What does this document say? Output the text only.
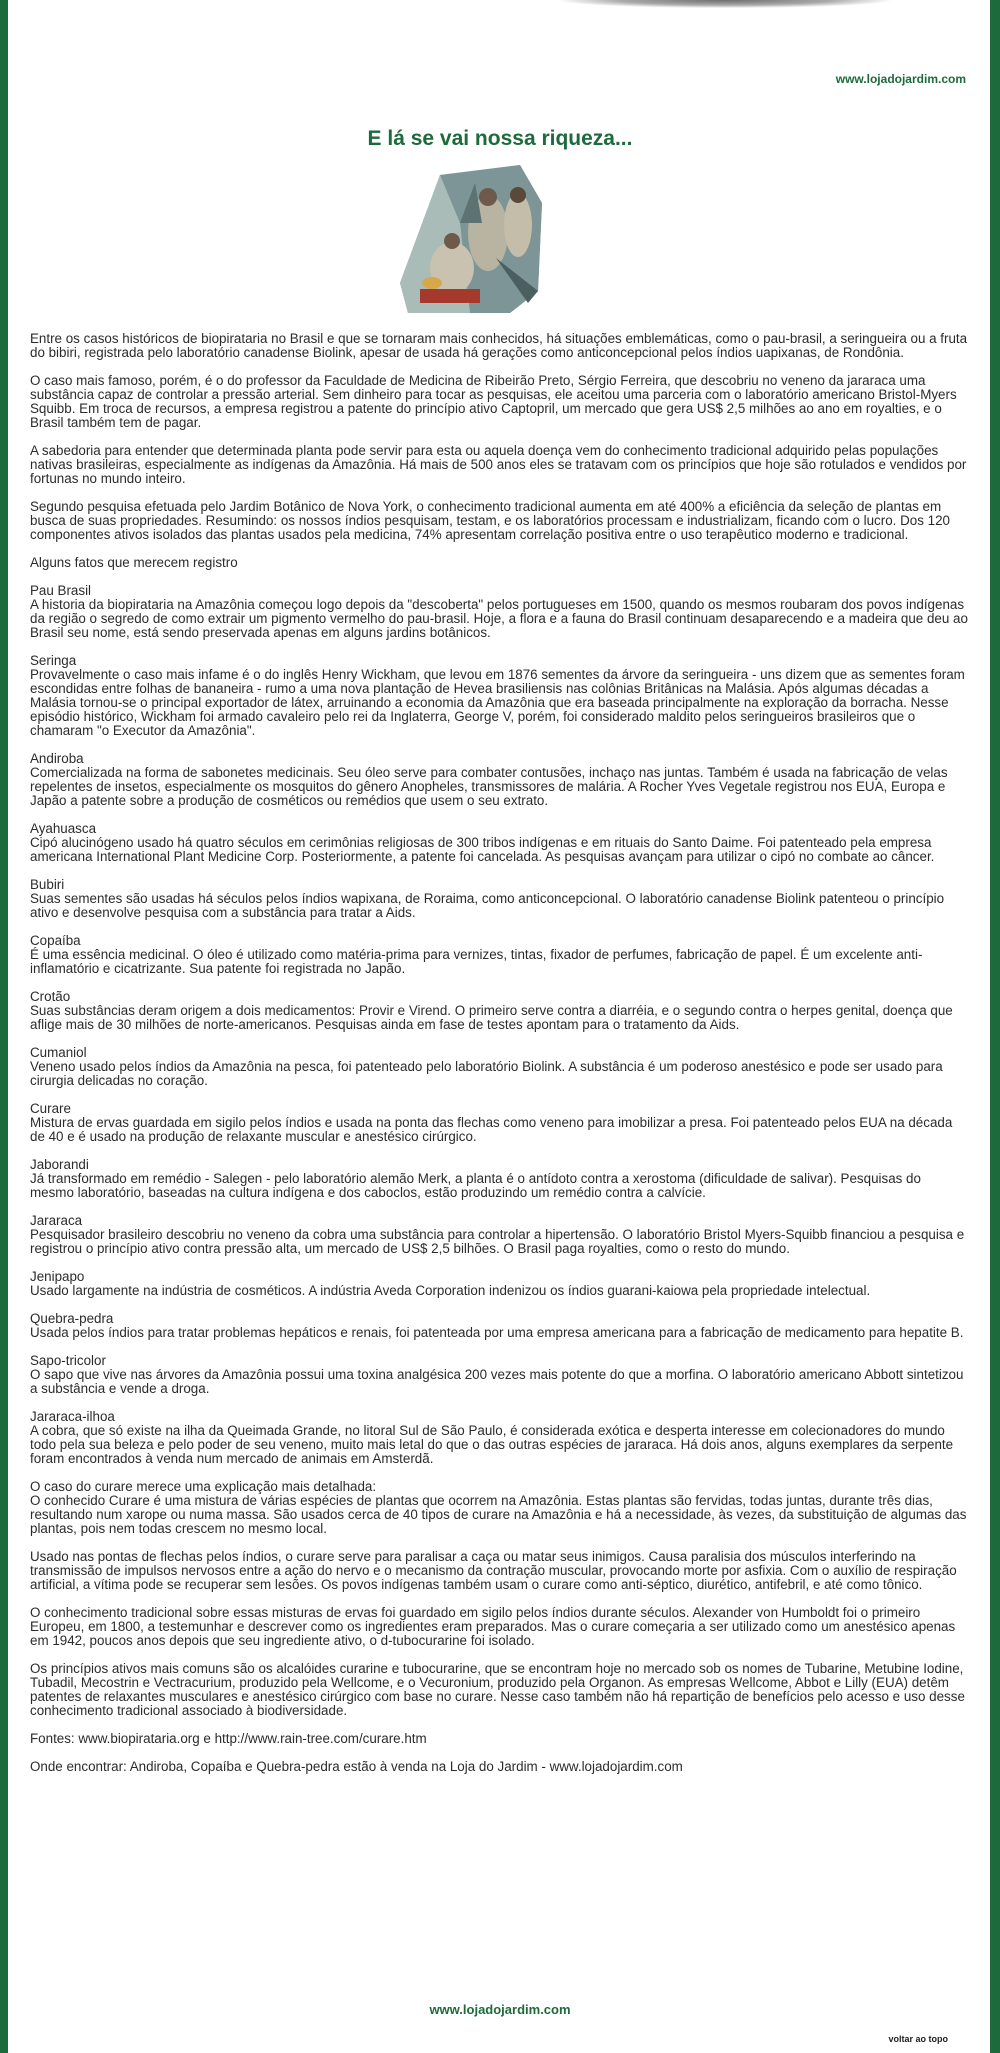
www.lojadojardim.com
E lá se vai nossa riqueza...

Entre os casos históricos de biopirataria no Brasil e que se tornaram mais conhecidos, há situações emblemáticas, como o pau-brasil, a seringueira ou a fruta do bibiri, registrada pelo laboratório canadense Biolink, apesar de usada há gerações como anticoncepcional pelos índios uapixanas, de Rondônia.

O caso mais famoso, porém, é o do professor da Faculdade de Medicina de Ribeirão Preto, Sérgio Ferreira, que descobriu no veneno da jararaca uma substância capaz de controlar a pressão arterial. Sem dinheiro para tocar as pesquisas, ele aceitou uma parceria com o laboratório americano Bristol-Myers Squibb. Em troca de recursos, a empresa registrou a patente do princípio ativo Captopril, um mercado que gera US$ 2,5 milhões ao ano em royalties, e o Brasil também tem de pagar.

A sabedoria para entender que determinada planta pode servir para esta ou aquela doença vem do conhecimento tradicional adquirido pelas populações nativas brasileiras, especialmente as indígenas da Amazônia. Há mais de 500 anos eles se tratavam com os princípios que hoje são rotulados e vendidos por fortunas no mundo inteiro.

Segundo pesquisa efetuada pelo Jardim Botânico de Nova York, o conhecimento tradicional aumenta em até 400% a eficiência da seleção de plantas em busca de suas propriedades. Resumindo: os nossos índios pesquisam, testam, e os laboratórios processam e industrializam, ficando com o lucro. Dos 120 componentes ativos isolados das plantas usados pela medicina, 74% apresentam correlação positiva entre o uso terapêutico moderno e tradicional.

Alguns fatos que merecem registro

Pau Brasil
A historia da biopirataria na Amazônia começou logo depois da "descoberta" pelos portugueses em 1500, quando os mesmos roubaram dos povos indígenas da região o segredo de como extrair um pigmento vermelho do pau-brasil. Hoje, a flora e a fauna do Brasil continuam desaparecendo e a madeira que deu ao Brasil seu nome, está sendo preservada apenas em alguns jardins botânicos.

Seringa
Provavelmente o caso mais infame é o do inglês Henry Wickham, que levou em 1876 sementes da árvore da seringueira - uns dizem que as sementes foram escondidas entre folhas de bananeira - rumo a uma nova plantação de Hevea brasiliensis nas colônias Britânicas na Malásia. Após algumas décadas a Malásia tornou-se o principal exportador de látex, arruinando a economia da Amazônia que era baseada principalmente na exploração da borracha. Nesse episódio histórico, Wickham foi armado cavaleiro pelo rei da Inglaterra, George V, porém, foi considerado maldito pelos seringueiros brasileiros que o chamaram "o Executor da Amazônia".

Andiroba
Comercializada na forma de sabonetes medicinais. Seu óleo serve para combater contusões, inchaço nas juntas. Também é usada na fabricação de velas repelentes de insetos, especialmente os mosquitos do gênero Anopheles, transmissores de malária. A Rocher Yves Vegetale registrou nos EUA, Europa e Japão a patente sobre a produção de cosméticos ou remédios que usem o seu extrato.

Ayahuasca
Cipó alucinógeno usado há quatro séculos em cerimônias religiosas de 300 tribos indígenas e em rituais do Santo Daime. Foi patenteado pela empresa americana International Plant Medicine Corp. Posteriormente, a patente foi cancelada. As pesquisas avançam para utilizar o cipó no combate ao câncer.

Bubiri
Suas sementes são usadas há séculos pelos índios wapixana, de Roraima, como anticoncepcional. O laboratório canadense Biolink patenteou o princípio ativo e desenvolve pesquisa com a substância para tratar a Aids.

Copaíba
É uma essência medicinal. O óleo é utilizado como matéria-prima para vernizes, tintas, fixador de perfumes, fabricação de papel. É um excelente anti-inflamatório e cicatrizante. Sua patente foi registrada no Japão.

Crotão
Suas substâncias deram origem a dois medicamentos: Provir e Virend. O primeiro serve contra a diarréia, e o segundo contra o herpes genital, doença que aflige mais de 30 milhões de norte-americanos. Pesquisas ainda em fase de testes apontam para o tratamento da Aids.

Cumaniol
Veneno usado pelos índios da Amazônia na pesca, foi patenteado pelo laboratório Biolink. A substância é um poderoso anestésico e pode ser usado para cirurgia delicadas no coração.

Curare
Mistura de ervas guardada em sigilo pelos índios e usada na ponta das flechas como veneno para imobilizar a presa. Foi patenteado pelos EUA na década de 40 e é usado na produção de relaxante muscular e anestésico cirúrgico.

Jaborandi
Já transformado em remédio - Salegen - pelo laboratório alemão Merk, a planta é o antídoto contra a xerostoma (dificuldade de salivar). Pesquisas do mesmo laboratório, baseadas na cultura indígena e dos caboclos, estão produzindo um remédio contra a calvície.

Jararaca
Pesquisador brasileiro descobriu no veneno da cobra uma substância para controlar a hipertensão. O laboratório Bristol Myers-Squibb financiou a pesquisa e registrou o princípio ativo contra pressão alta, um mercado de US$ 2,5 bilhões. O Brasil paga royalties, como o resto do mundo.

Jenipapo
Usado largamente na indústria de cosméticos. A indústria Aveda Corporation indenizou os índios guarani-kaiowa pela propriedade intelectual.

Quebra-pedra
Usada pelos índios para tratar problemas hepáticos e renais, foi patenteada por uma empresa americana para a fabricação de medicamento para hepatite B.

Sapo-tricolor
O sapo que vive nas árvores da Amazônia possui uma toxina analgésica 200 vezes mais potente do que a morfina. O laboratório americano Abbott sintetizou a substância e vende a droga.

Jararaca-ilhoa
A cobra, que só existe na ilha da Queimada Grande, no litoral Sul de São Paulo, é considerada exótica e desperta interesse em colecionadores do mundo todo pela sua beleza e pelo poder de seu veneno, muito mais letal do que o das outras espécies de jararaca. Há dois anos, alguns exemplares da serpente foram encontrados à venda num mercado de animais em Amsterdã.

O caso do curare merece uma explicação mais detalhada:
O conhecido Curare é uma mistura de várias espécies de plantas que ocorrem na Amazônia. Estas plantas são fervidas, todas juntas, durante três dias, resultando num xarope ou numa massa. São usados cerca de 40 tipos de curare na Amazônia e há a necessidade, às vezes, da substituição de algumas das plantas, pois nem todas crescem no mesmo local.

Usado nas pontas de flechas pelos índios, o curare serve para paralisar a caça ou matar seus inimigos. Causa paralisia dos músculos interferindo na transmissão de impulsos nervosos entre a ação do nervo e o mecanismo da contração muscular, provocando morte por asfixia. Com o auxílio de respiração artificial, a vítima pode se recuperar sem lesões. Os povos indígenas também usam o curare como anti-séptico, diurético, antifebril, e até como tônico.

O conhecimento tradicional sobre essas misturas de ervas foi guardado em sigilo pelos índios durante séculos. Alexander von Humboldt foi o primeiro Europeu, em 1800, a testemunhar e descrever como os ingredientes eram preparados. Mas o curare começaria a ser utilizado como um anestésico apenas em 1942, poucos anos depois que seu ingrediente ativo, o d-tubocurarine foi isolado.

Os princípios ativos mais comuns são os alcalóides curarine e tubocurarine, que se encontram hoje no mercado sob os nomes de Tubarine, Metubine Iodine, Tubadil, Mecostrin e Vectracurium, produzido pela Wellcome, e o Vecuronium, produzido pela Organon. As empresas Wellcome, Abbot e Lilly (EUA) detêm patentes de relaxantes musculares e anestésico cirúrgico com base no curare. Nesse caso também não há repartição de benefícios pelo acesso e uso desse conhecimento tradicional associado à biodiversidade.

Fontes: www.biopirataria.org e http://www.rain-tree.com/curare.htm

Onde encontrar: Andiroba, Copaíba e Quebra-pedra estão à venda na Loja do Jardim - www.lojadojardim.com

www.lojadojardim.com
voltar ao topo
